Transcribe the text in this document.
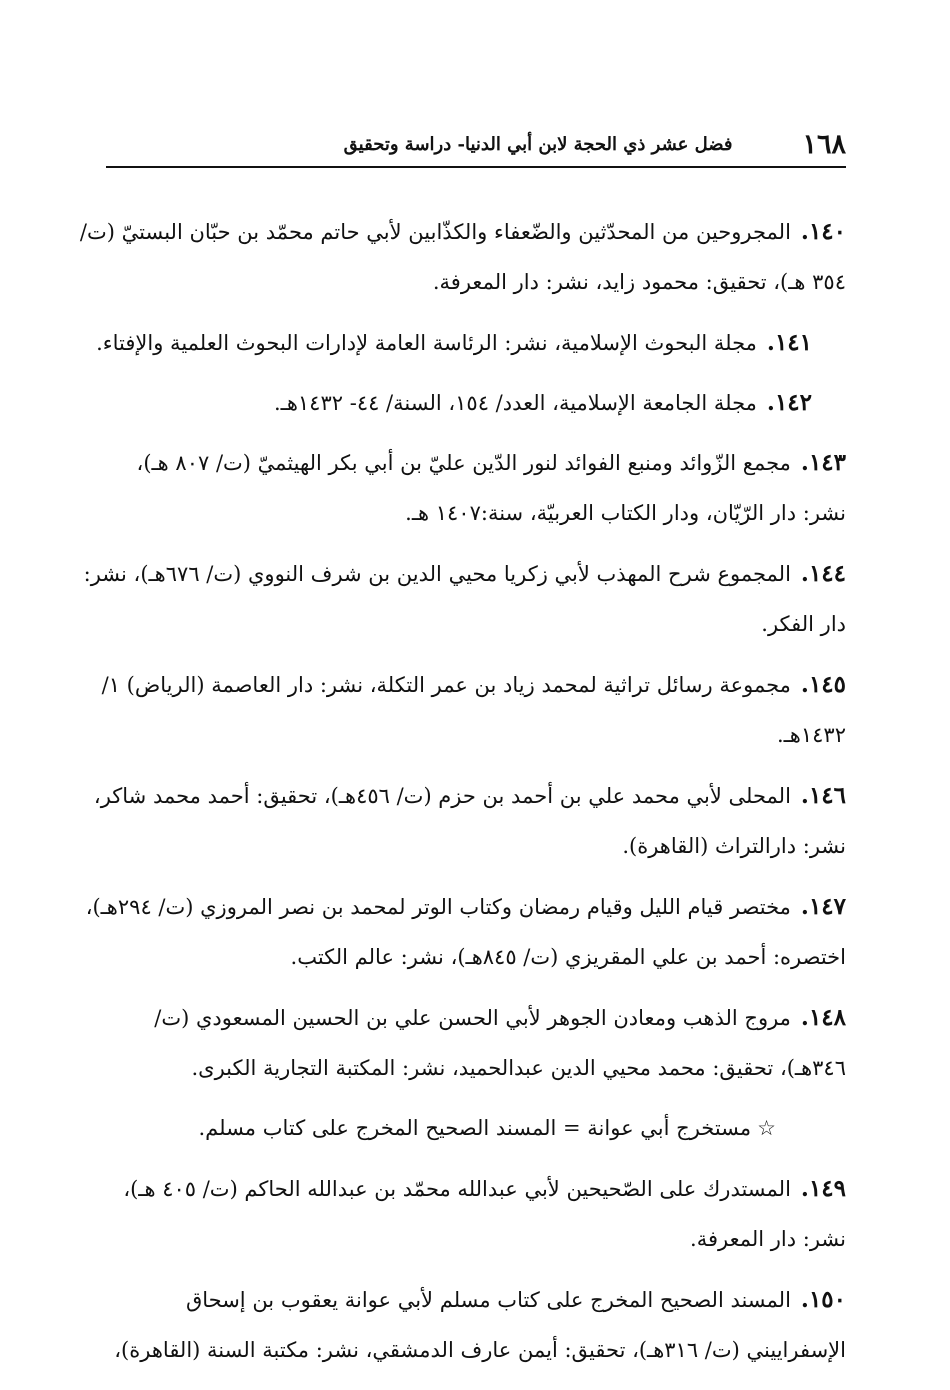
١٦٨
فضل عشر ذي الحجة لابن أبي الدنيا- دراسة وتحقيق
١٤٠.المجروحين من المحدّثين والضّعفاء والكذّابين لأبي حاتم محمّد بن حبّان البستيّ (ت/
٣٥٤ هـ)، تحقيق: محمود زايد، نشر: دار المعرفة.
١٤١.مجلة البحوث الإسلامية، نشر: الرئاسة العامة لإدارات البحوث العلمية والإفتاء.
١٤٢.مجلة الجامعة الإسلامية، العدد/ ١٥٤، السنة/ ٤٤- ١٤٣٢هـ.
١٤٣.مجمع الزّوائد ومنبع الفوائد لنور الدّين عليّ بن أبي بكر الهيثميّ (ت/ ٨٠٧ هـ)،
نشر: دار الرّيّان، ودار الكتاب العربيّة، سنة:١٤٠٧ هـ.
١٤٤.المجموع شرح المهذب لأبي زكريا محيي الدين بن شرف النووي (ت/ ٦٧٦هـ)، نشر:
دار الفكر.
١٤٥.مجموعة رسائل تراثية لمحمد زياد بن عمر التكلة، نشر: دار العاصمة (الرياض) ١/
١٤٣٢هـ.
١٤٦.المحلى لأبي محمد علي بن أحمد بن حزم (ت/ ٤٥٦هـ)، تحقيق: أحمد محمد شاكر،
نشر: دارالتراث (القاهرة).
١٤٧.مختصر قيام الليل وقيام رمضان وكتاب الوتر لمحمد بن نصر المروزي (ت/ ٢٩٤هـ)،
اختصره: أحمد بن علي المقريزي (ت/ ٨٤٥هـ)، نشر: عالم الكتب.
١٤٨.مروج الذهب ومعادن الجوهر لأبي الحسن علي بن الحسين المسعودي (ت/
٣٤٦هـ)، تحقيق: محمد محيي الدين عبدالحميد، نشر: المكتبة التجارية الكبرى.
☆مستخرج أبي عوانة = المسند الصحيح المخرج على كتاب مسلم.
١٤٩.المستدرك على الصّحيحين لأبي عبدالله محمّد بن عبدالله الحاكم (ت/ ٤٠٥ هـ)،
نشر: دار المعرفة.
١٥٠.المسند الصحيح المخرج على كتاب مسلم لأبي عوانة يعقوب بن إسحاق
الإسفراييني (ت/ ٣١٦هـ)، تحقيق: أيمن عارف الدمشقي، نشر: مكتبة السنة (القاهرة)،
